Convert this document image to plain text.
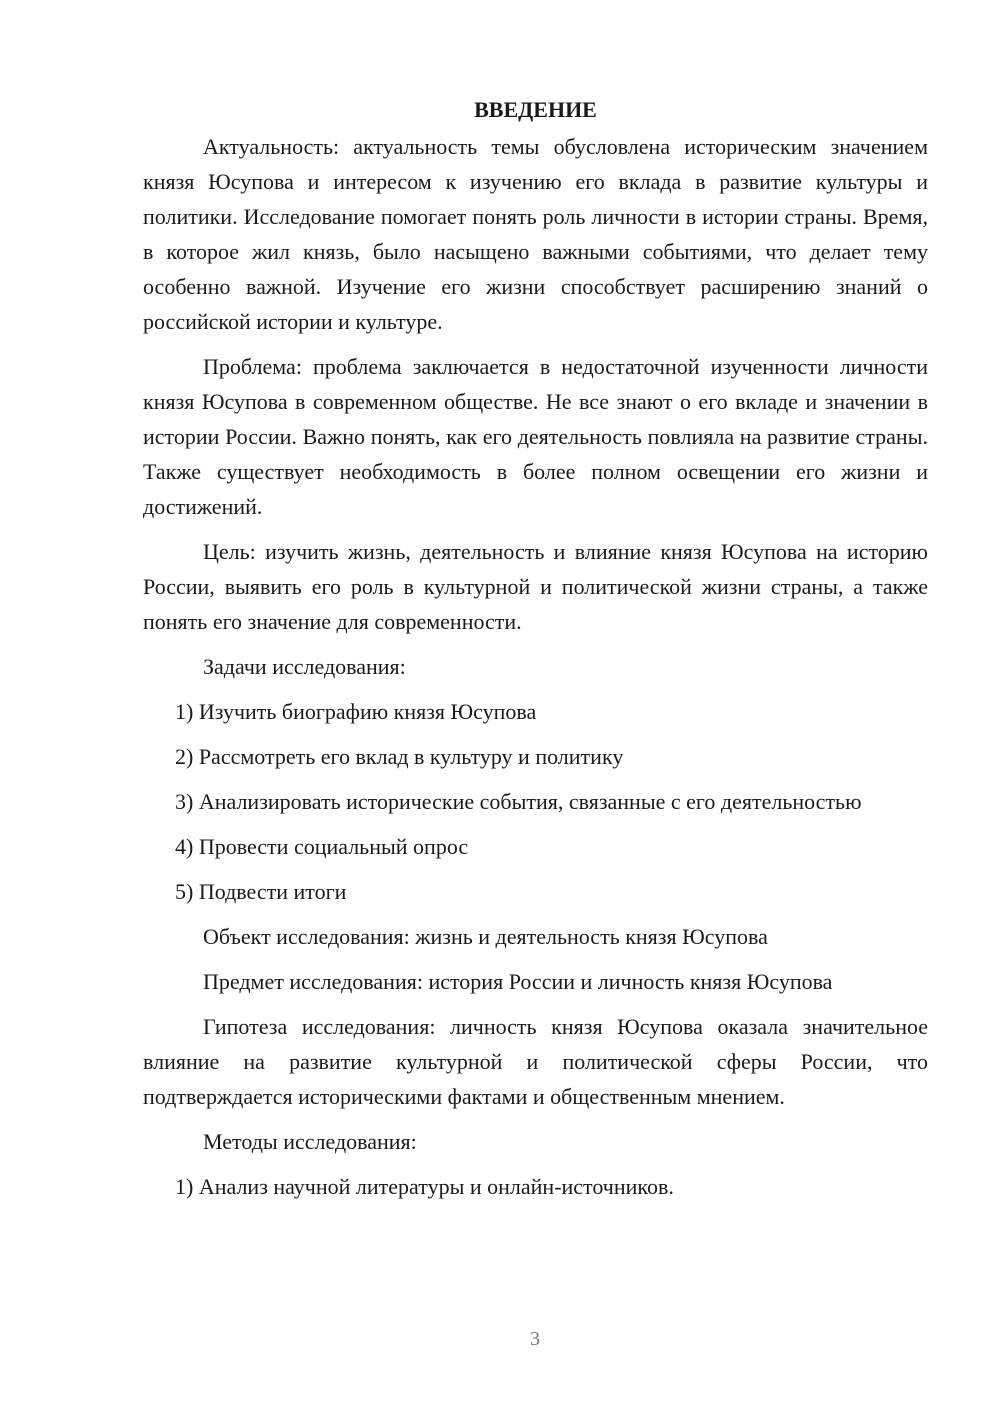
ВВЕДЕНИЕ

Актуальность: актуальность темы обусловлена историческим значением князя Юсупова и интересом к изучению его вклада в развитие культуры и политики. Исследование помогает понять роль личности в истории страны. Время, в которое жил князь, было насыщено важными событиями, что делает тему особенно важной. Изучение его жизни способствует расширению знаний о российской истории и культуре.

Проблема: проблема заключается в недостаточной изученности личности князя Юсупова в современном обществе. Не все знают о его вкладе и значении в истории России. Важно понять, как его деятельность повлияла на развитие страны. Также существует необходимость в более полном освещении его жизни и достижений.

Цель: изучить жизнь, деятельность и влияние князя Юсупова на историю России, выявить его роль в культурной и политической жизни страны, а также понять его значение для современности.

Задачи исследования:

1) Изучить биографию князя Юсупова

2) Рассмотреть его вклад в культуру и политику

3) Анализировать исторические события, связанные с его деятельностью

4) Провести социальный опрос

5) Подвести итоги

Объект исследования: жизнь и деятельность князя Юсупова

Предмет исследования: история России и личность князя Юсупова

Гипотеза исследования: личность князя Юсупова оказала значительное влияние на развитие культурной и политической сферы России, что подтверждается историческими фактами и общественным мнением.

Методы исследования:

1) Анализ научной литературы и онлайн-источников.

3
